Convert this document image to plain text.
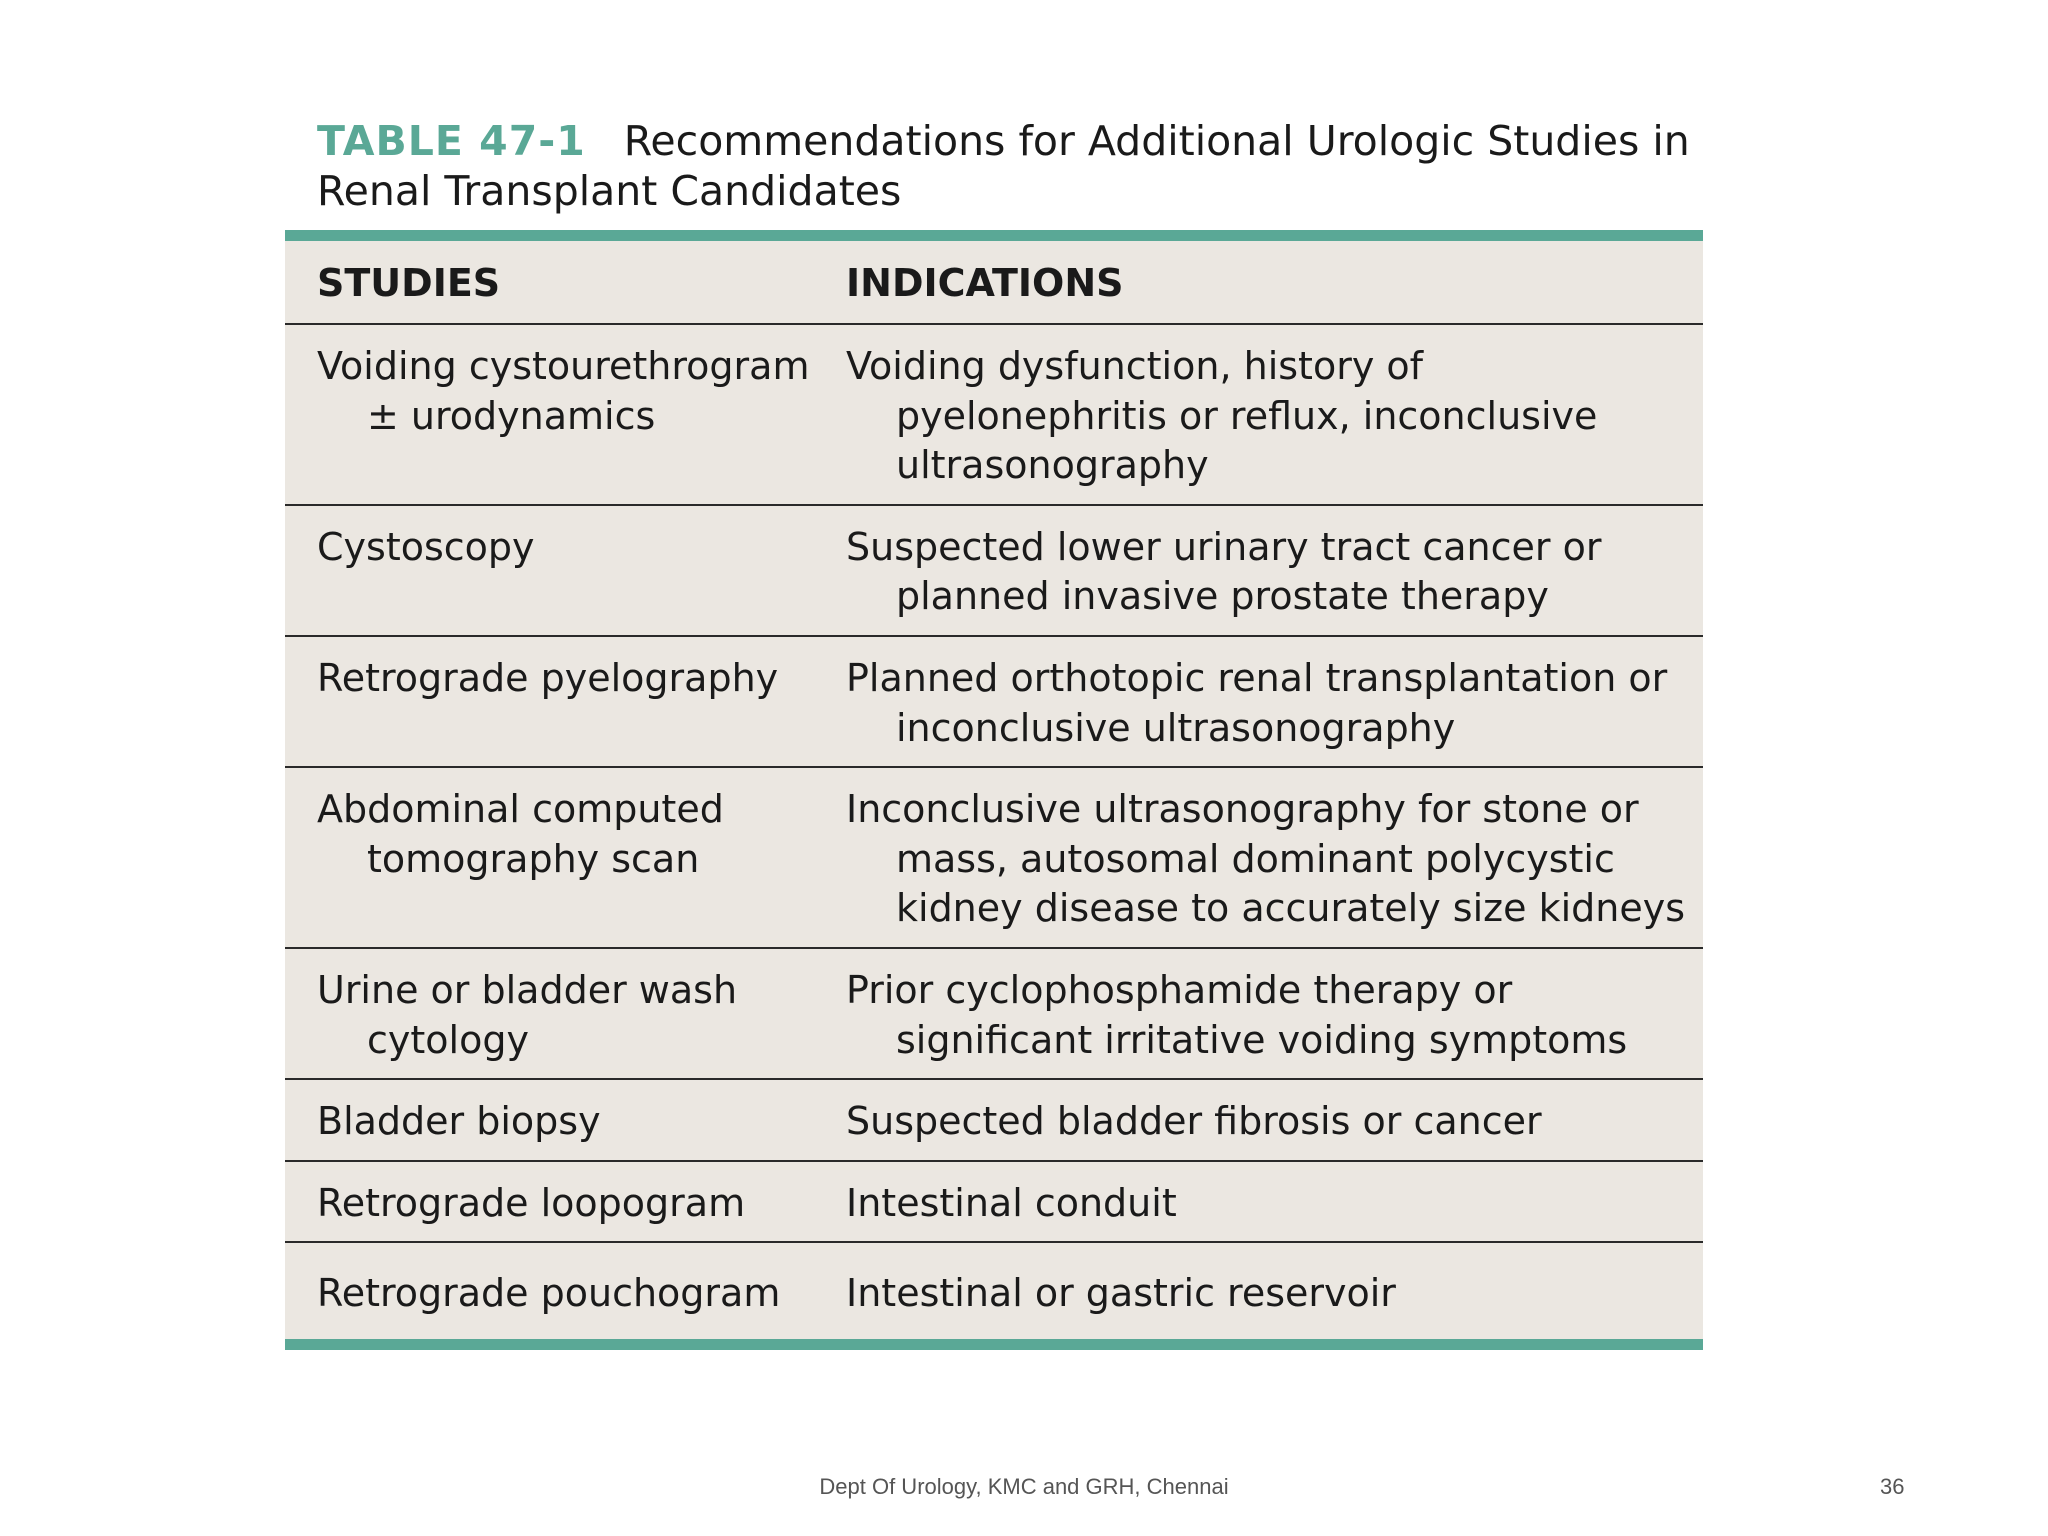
TABLE 47-1 Recommendations for Additional Urologic Studies in Renal Transplant Candidates
STUDIES	INDICATIONS

Voiding cystourethrogram ± urodynamics	Voiding dysfunction, history of pyelonephritis or reflux, inconclusive ultrasonography

Cystoscopy	Suspected lower urinary tract cancer or planned invasive prostate therapy

Retrograde pyelography	Planned orthotopic renal transplantation or inconclusive ultrasonography

Abdominal computed tomography scan	Inconclusive ultrasonography for stone or mass, autosomal dominant polycystic kidney disease to accurately size kidneys

Urine or bladder wash cytology	Prior cyclophosphamide therapy or significant irritative voiding symptoms

Bladder biopsy	Suspected bladder fibrosis or cancer

Retrograde loopogram	Intestinal conduit

Retrograde pouchogram	Intestinal or gastric reservoir
Dept Of Urology, KMC and GRH, Chennai	36
